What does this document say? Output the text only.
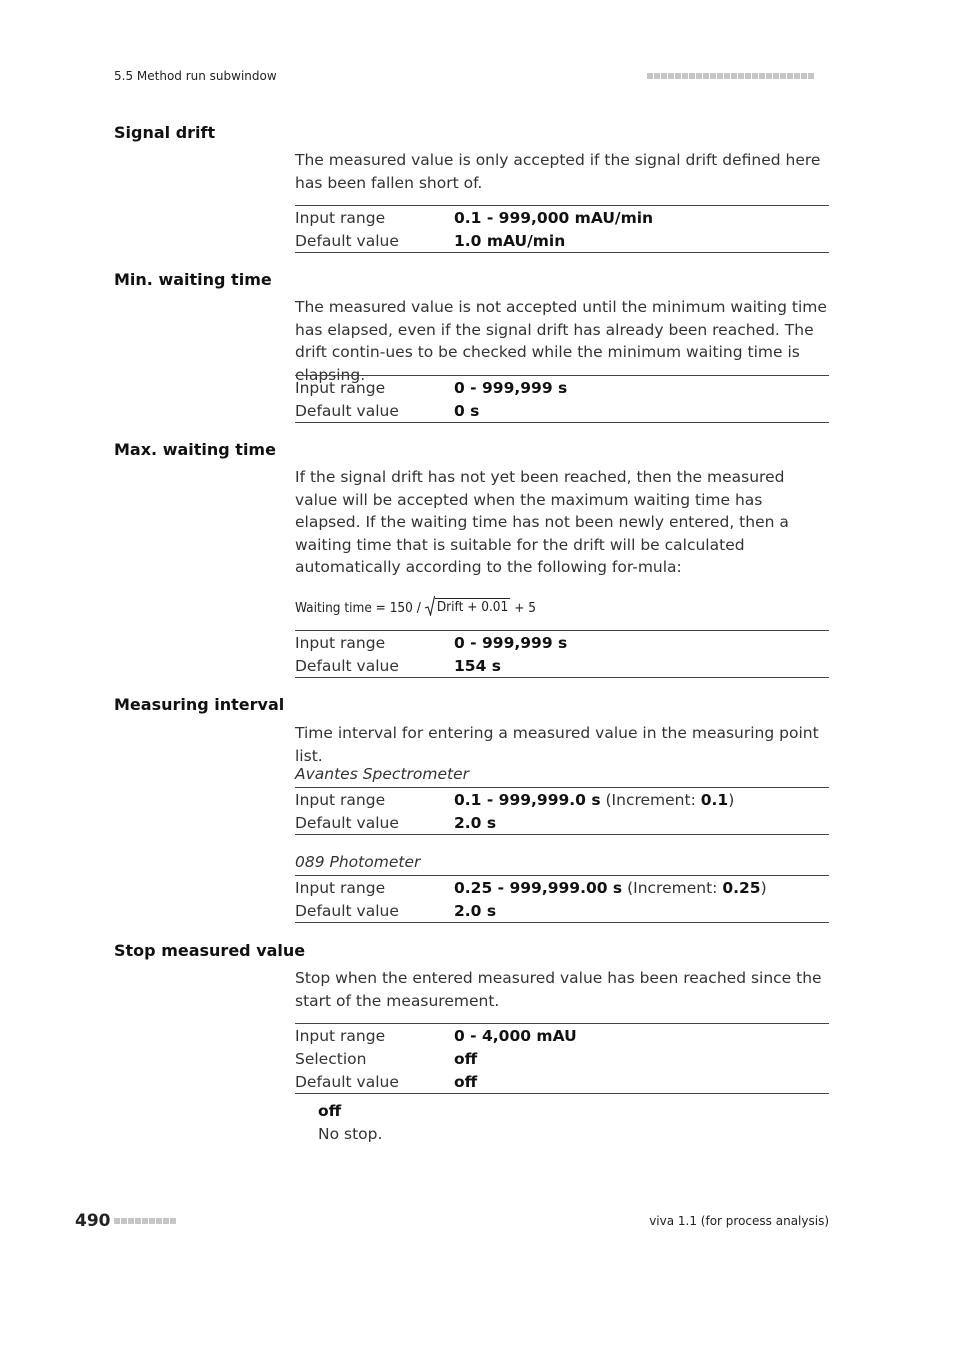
5.5 Method run subwindow
Signal drift

The measured value is only accepted if the signal drift defined here has been fallen short of.

Input range	0.1 - 999,000 mAU/min
Default value	1.0 mAU/min
Min. waiting time

The measured value is not accepted until the minimum waiting time has elapsed, even if the signal drift has already been reached. The drift contin-ues to be checked while the minimum waiting time is elapsing.

Input range	0 - 999,999 s
Default value	0 s
Max. waiting time

If the signal drift has not yet been reached, then the measured value will be accepted when the maximum waiting time has elapsed. If the waiting time has not been newly entered, then a waiting time that is suitable for the drift will be calculated automatically according to the following for-mula:

Waiting time = 150 / Drift + 0.01 + 5
Input range	0 - 999,999 s
Default value	154 s
Measuring interval

Time interval for entering a measured value in the measuring point list.

Avantes Spectrometer
Input range	0.1 - 999,999.0 s (Increment: 0.1)
Default value	2.0 s
089 Photometer
Input range	0.25 - 999,999.00 s (Increment: 0.25)
Default value	2.0 s
Stop measured value

Stop when the entered measured value has been reached since the start of the measurement.

Input range	0 - 4,000 mAU
Selection	off
Default value	off
off
No stop.
490	viva 1.1 (for process analysis)
